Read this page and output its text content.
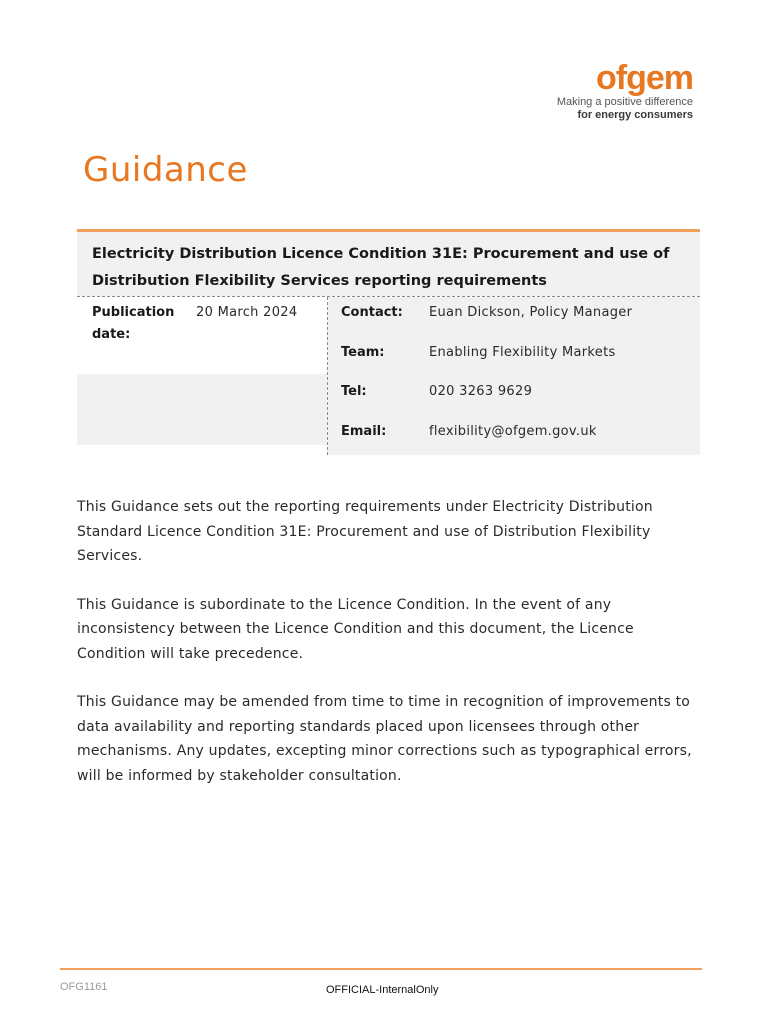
ofgem
Making a positive difference
for energy consumers
Guidance
Electricity Distribution Licence Condition 31E: Procurement and use of Distribution Flexibility Services reporting requirements
Publication
date:
20 March 2024	Contact: Euan Dickson, Policy Manager
Team:	Enabling Flexibility Markets
Tel:	020 3263 9629
Email:	flexibility@ofgem.gov.uk

This Guidance sets out the reporting requirements under Electricity Distribution Standard Licence Condition 31E: Procurement and use of Distribution Flexibility Services.

This Guidance is subordinate to the Licence Condition. In the event of any inconsistency between the Licence Condition and this document, the Licence Condition will take precedence.

This Guidance may be amended from time to time in recognition of improvements to data availability and reporting standards placed upon licensees through other mechanisms. Any updates, excepting minor corrections such as typographical errors, will be informed by stakeholder consultation.

OFG1161	OFFICIAL-InternalOnly
